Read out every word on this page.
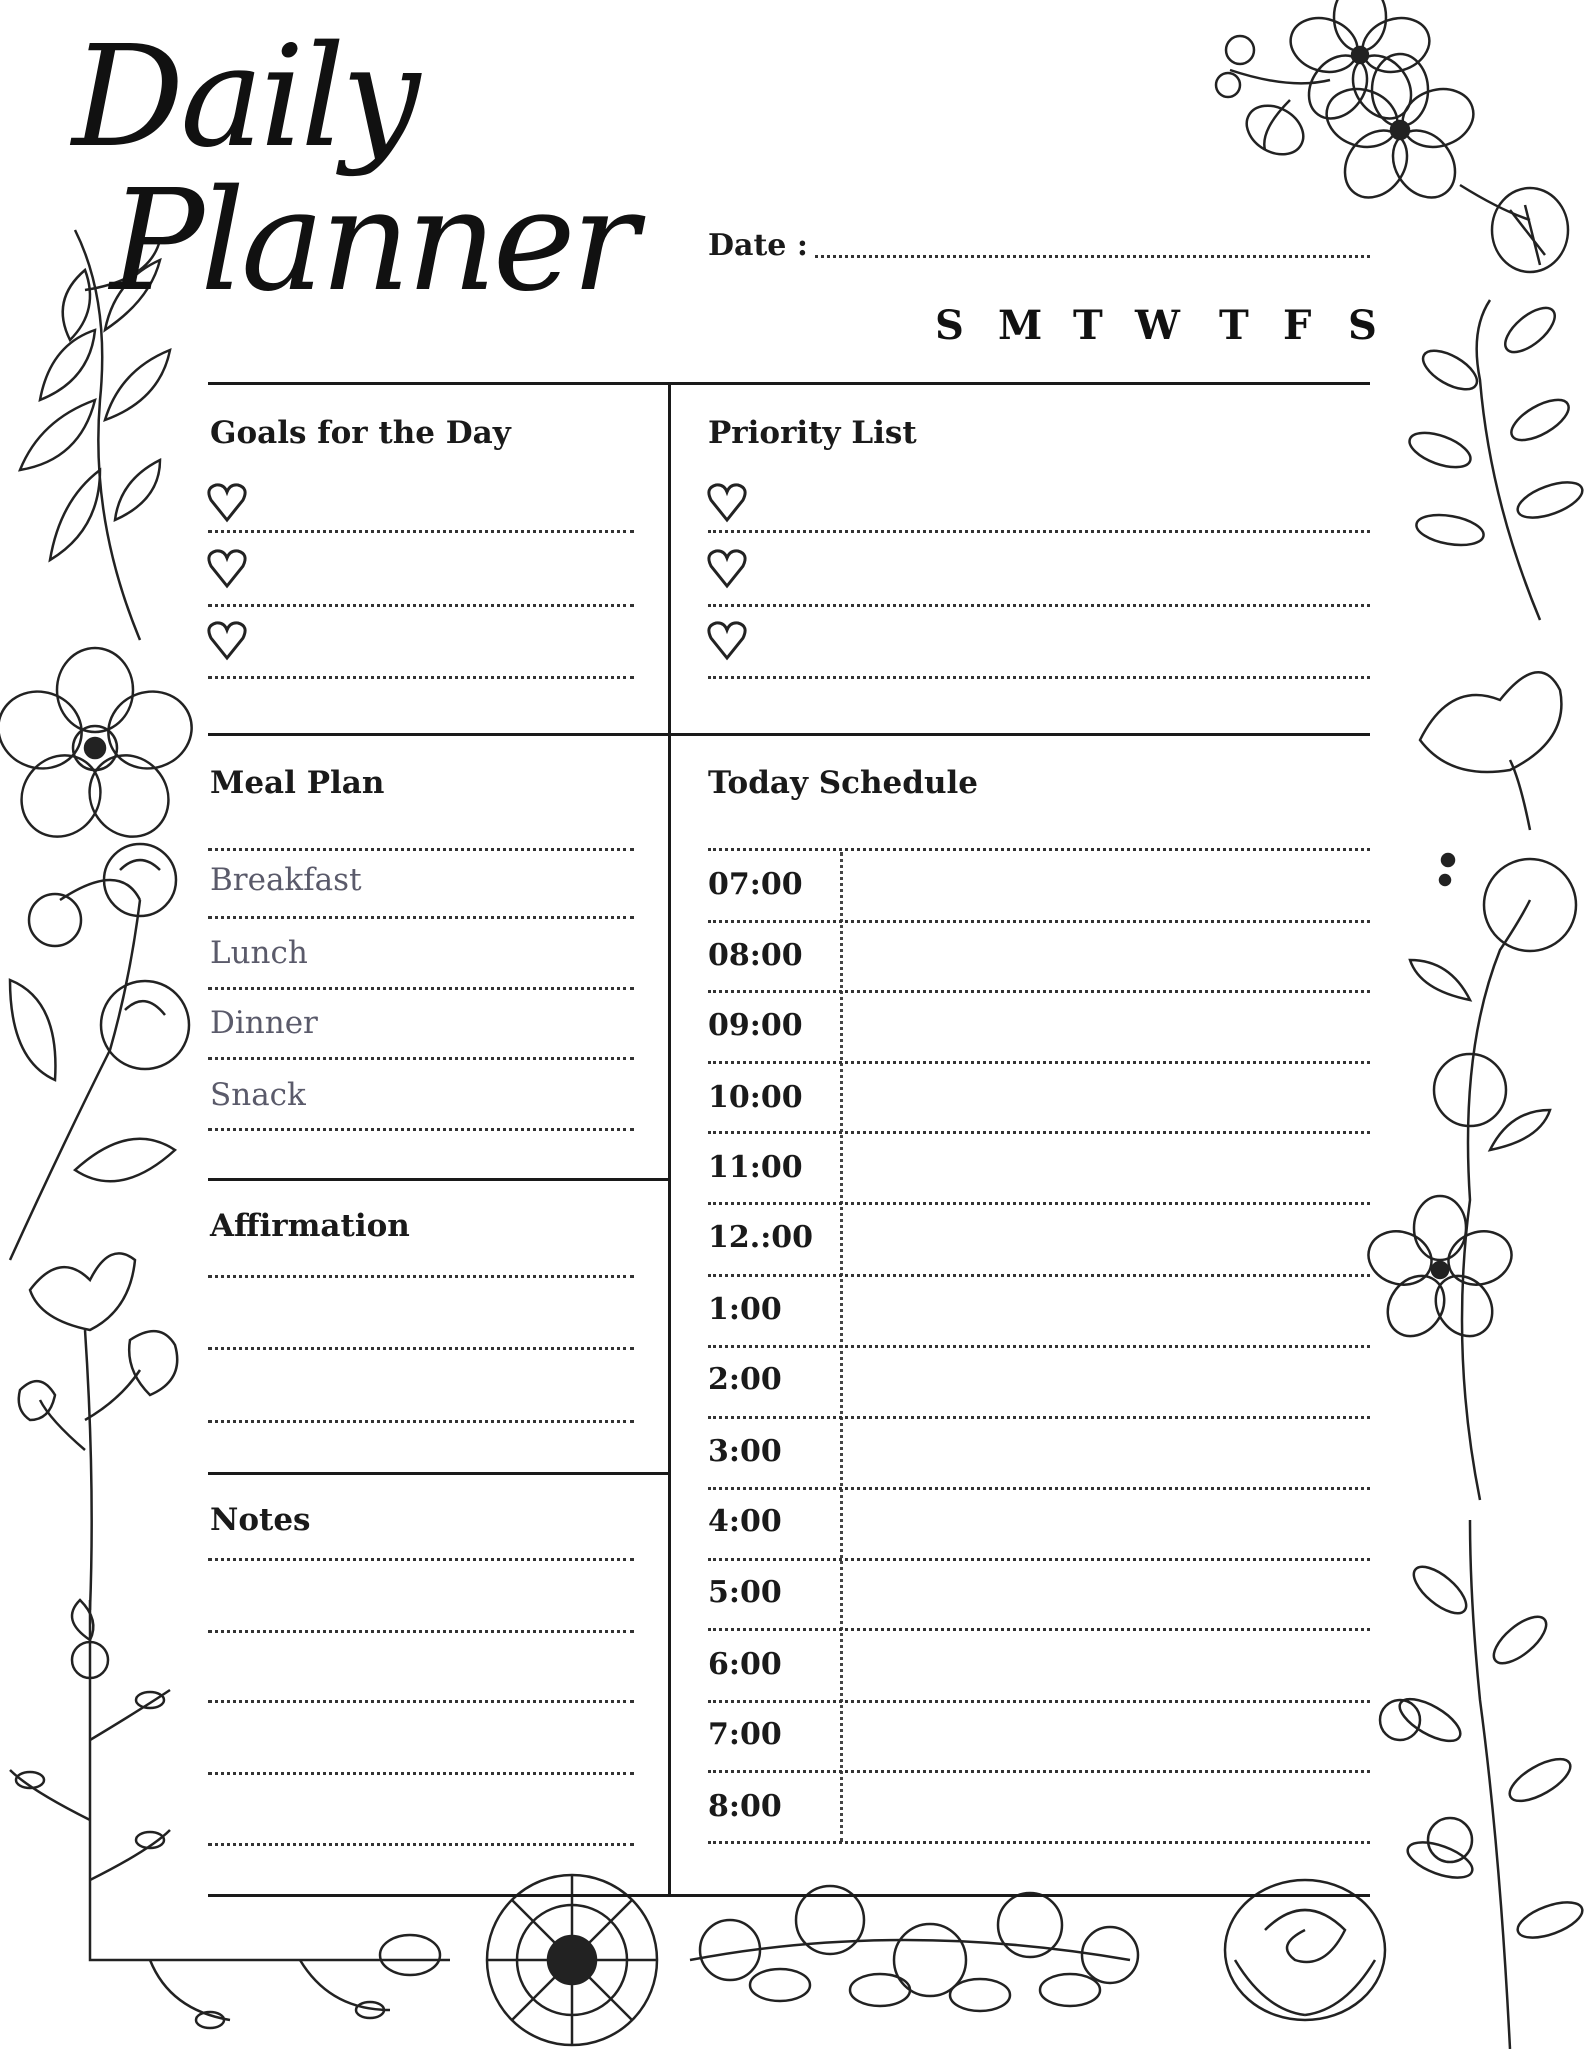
Daily
Planner Date :
S M T W T F S
Goals for the Day	Priority List
Meal Plan
Breakfast
Lunch
Dinner
Snack
Affirmation
Notes
Today Schedule
07:00
08:00
09:00
10:00
11:00
12.:00
1:00
2:00
3:00
4:00
5:00
6:00
7:00
8:00
